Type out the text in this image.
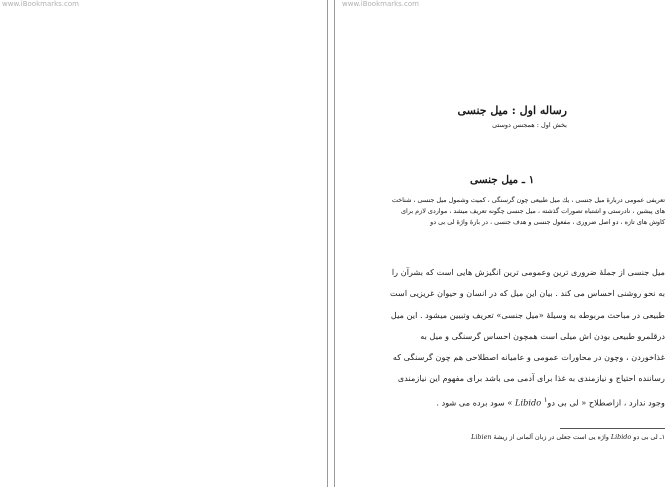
www.iBookmarks.com	www.iBookmarks.com
رساله اول : میل جنسی
بخش اول : همجنس دوستی
۱ ـ میل جنسی
تعریفی عمومی دربارهٔ میل جنسی ، یك میل طبیعی چون گرسنگی ، کمیت وشمول میل جنسی ، شناخت های پیشین ، نادرستی و اشتباه تصورات گذشته ، میل جنسی چگونه تعریف میشد ، مواردی لازم برای کاوش های تازه ، دو اصل ضروری ، مفعول جنسی و هدف جنسی ، در بارهٔ واژهٔ لی بی دو
میل جنسی از جملهٔ ضروری ترین وعمومی ترین انگیزش هایی است که بشرآن را به نحو روشنی احساس می کند . بیان این میل که در انسان و حیوان غریزیی است طبیعی در مباحث مربوطه به وسیلهٔ «میل جنسی» تعریف وتبیین میشود . این میل درقلمرو طبیعی بودن اش میلی است همچون احساس گرسنگی و میل به غذاخوردن ، وچون در محاورات عمومی و عامیانه اصطلاحی هم چون گرسنگی که رساننده احتیاج و نیازمندی به غذا برای آدمی می باشد برای مفهوم این نیازمندی وجود ندارد ، ازاصطلاح « لی بی دو$^۱$ Libido » سود برده می شود .
۱ـ لی بی دو Libido واژه یی است جعلی در زبان آلمانی از ریشهٔ Libien
